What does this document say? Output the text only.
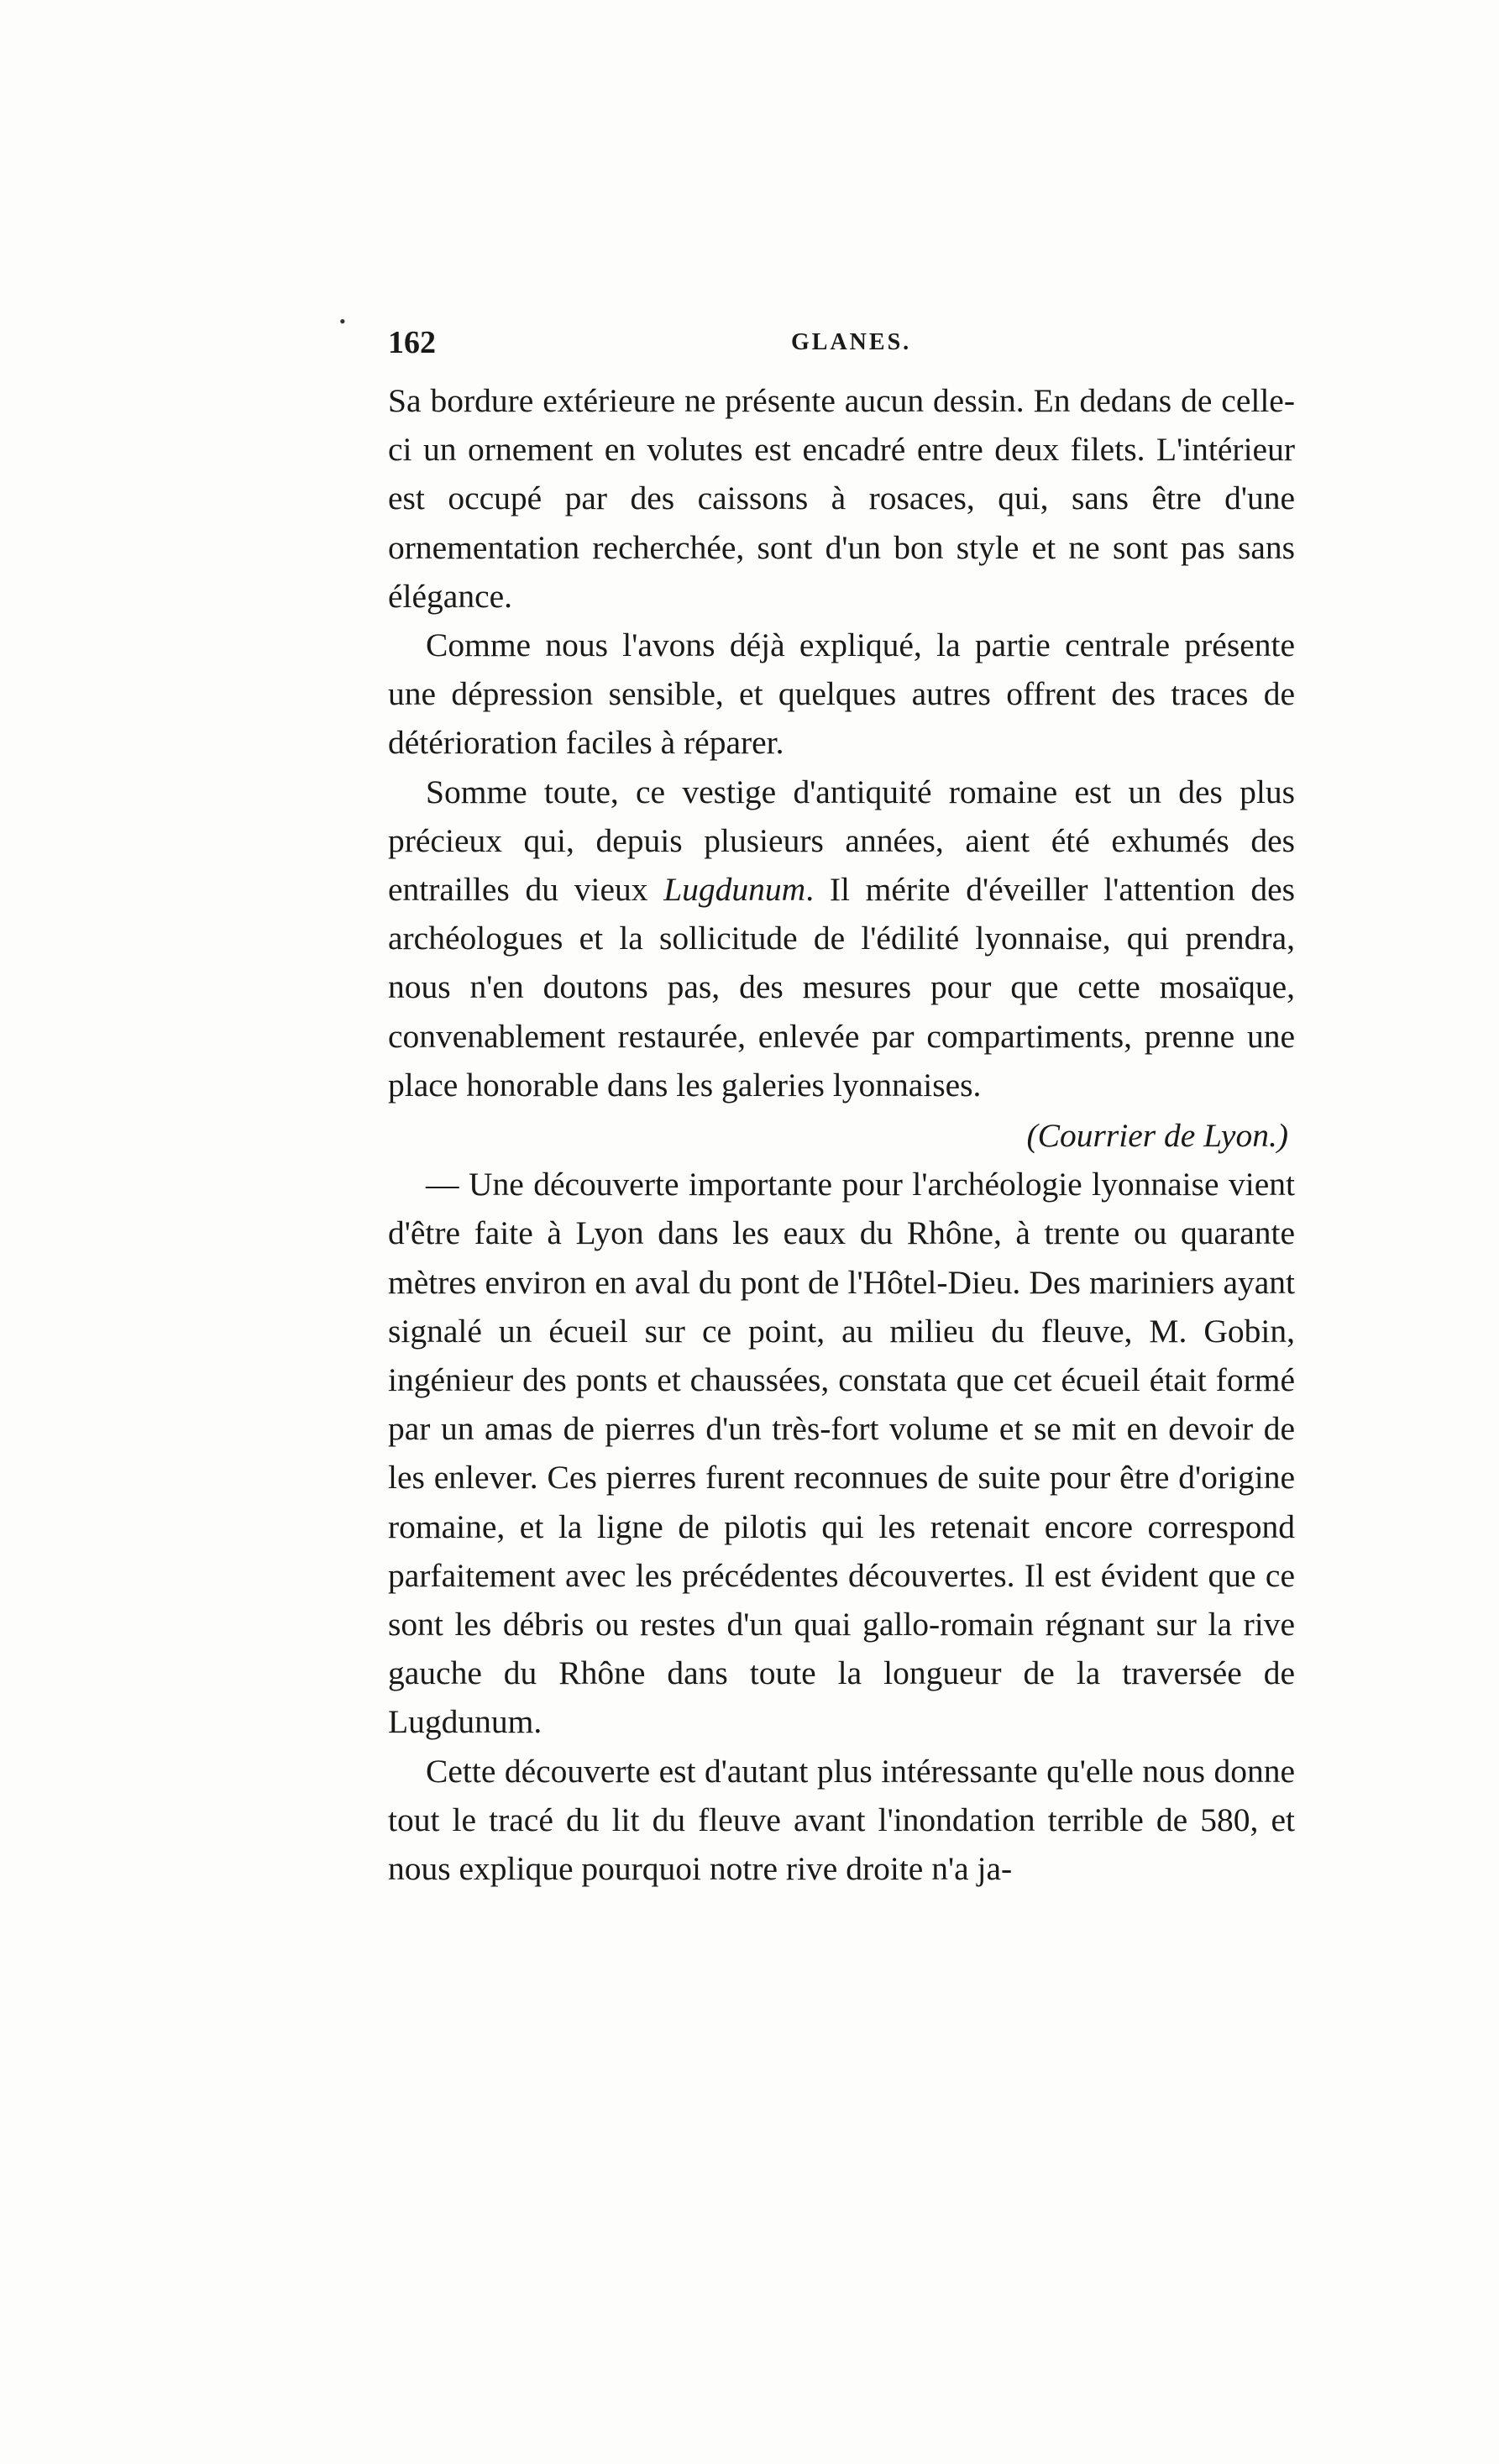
•
162	GLANES.

Sa bordure extérieure ne présente aucun dessin. En dedans de celle-ci un ornement en volutes est encadré entre deux filets. L'intérieur est occupé par des caissons à rosaces, qui, sans être d'une ornementation recherchée, sont d'un bon style et ne sont pas sans élégance.

Comme nous l'avons déjà expliqué, la partie centrale présente une dépression sensible, et quelques autres offrent des traces de détérioration faciles à réparer.

Somme toute, ce vestige d'antiquité romaine est un des plus précieux qui, depuis plusieurs années, aient été exhumés des entrailles du vieux Lugdunum. Il mérite d'éveiller l'attention des archéologues et la sollicitude de l'édilité lyonnaise, qui prendra, nous n'en doutons pas, des mesures pour que cette mosaïque, convenablement restaurée, enlevée par compartiments, prenne une place honorable dans les galeries lyonnaises.

(Courrier de Lyon.)

— Une découverte importante pour l'archéologie lyonnaise vient d'être faite à Lyon dans les eaux du Rhône, à trente ou quarante mètres environ en aval du pont de l'Hôtel-Dieu. Des mariniers ayant signalé un écueil sur ce point, au milieu du fleuve, M. Gobin, ingénieur des ponts et chaussées, constata que cet écueil était formé par un amas de pierres d'un très-fort volume et se mit en devoir de les enlever. Ces pierres furent reconnues de suite pour être d'origine romaine, et la ligne de pilotis qui les retenait encore correspond parfaitement avec les précédentes découvertes. Il est évident que ce sont les débris ou restes d'un quai gallo-romain régnant sur la rive gauche du Rhône dans toute la longueur de la traversée de Lugdunum.

Cette découverte est d'autant plus intéressante qu'elle nous donne tout le tracé du lit du fleuve avant l'inondation terrible de 580, et nous explique pourquoi notre rive droite n'a ja-
